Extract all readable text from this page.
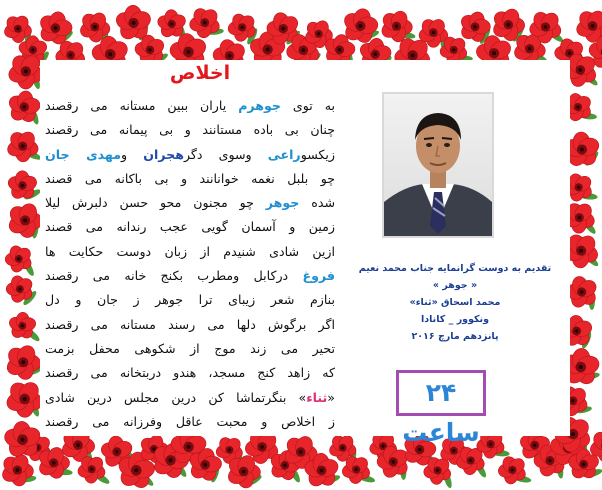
اخلاص
به توی جوهرم یاران ببین مستانه می رقصند
چنان بی باده مستانند و بی پیمانه می رقصند
زیکسوراعی وسوی دگرهجران ومهدی جان
چو بلبل نغمه خوانانند و بی باکانه می قصند
شده جوهر چو مجنون محو حسن دلبرش لیلا
زمین و آسمان گویی عجب رندانه می قصند
ازین شادی شنیدم از زبان دوست حکایت ها
فروغ درکابل ومطرب بکنج خانه می رقصند
بنازم شعر زیبای ترا جوهر ز جان و دل
اگر برگوش دلها می رسند مستانه می رقصند
تحیر می زند موج از شکوهی محفل بزمت
که زاهد کنج مسجد، هندو دربتخانه می رقصند
«ثناء» بنگرتماشا کن درین مجلس درین شادی
ز اخلاص و محبت عاقل وفرزانه می رقصند
تقدیم به دوست گرانمایه جناب محمد نعیم
« جوهر »
محمد اسحاق «ثناء»
ونکوور _ کانادا
پانزدهم مارچ ۲۰۱۶
۲۴ ساعت
